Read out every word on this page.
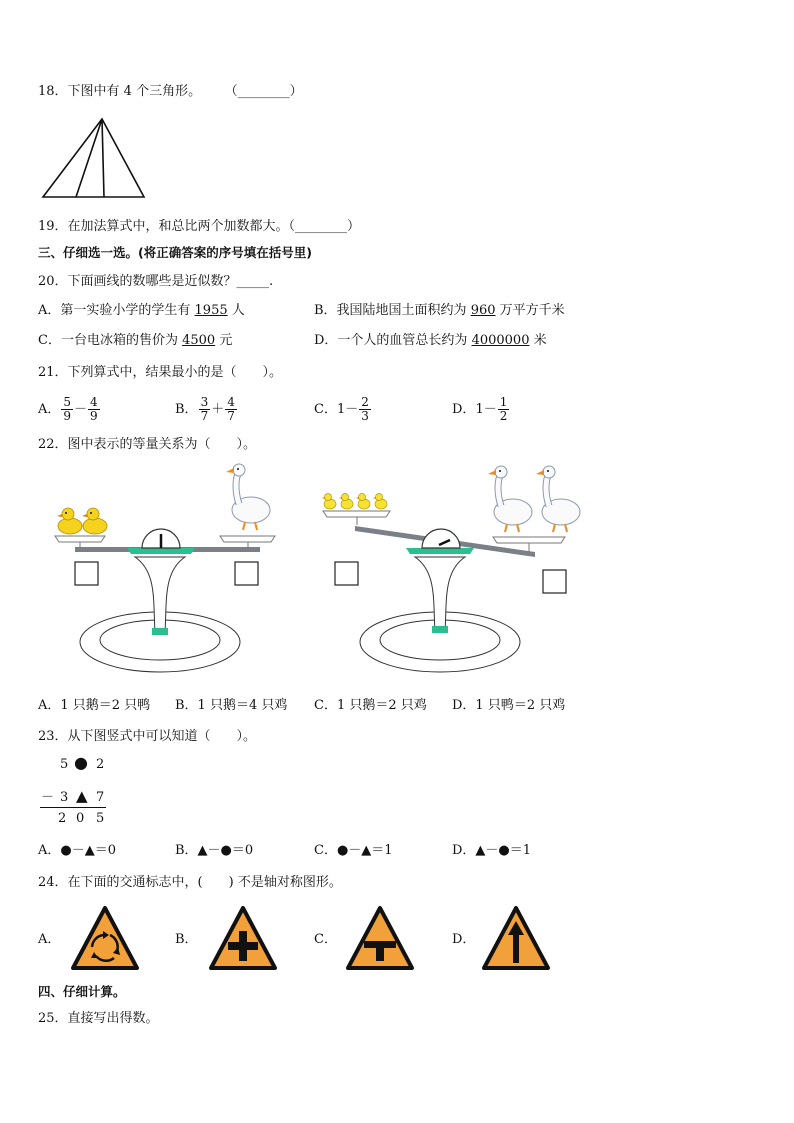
18．下图中有 4 个三角形。 （________）
19．在加法算式中，和总比两个加数都大。（________）
三、仔细选一选。(将正确答案的序号填在括号里)
20．下面画线的数哪些是近似数？_____.
A．第一实验小学的学生有 1955 人	B．我国陆地国土面积约为 960 万平方千米
C．一台电冰箱的售价为 4500 元	D．一个人的血管总长约为 4000000 米
21．下列算式中，结果最小的是（　　）。
A． $\frac{5}{9} - \frac{4}{9}$	B． $\frac{3}{7} + \frac{4}{7}$	C． $1- \frac{2}{3}$	D． $1- \frac{1}{2}$
22．图中表示的等量关系为（　　）。
A．1 只鹅＝2 只鸭 B．1 只鹅＝4 只鸡 C．1 只鹅＝2 只鸡 D．1 只鸭＝2 只鸡
23．从下图竖式中可以知道（　　）。
5 ● 2
－ 3 ▲ 7
2 0 5
A．●－▲＝0	B．▲－●＝0	C．●－▲＝1	D．▲－●＝1
24．在下面的交通标志中，(　　) 不是轴对称图形。
A．	B．	C．	D．
四、仔细计算。
25．直接写出得数。
